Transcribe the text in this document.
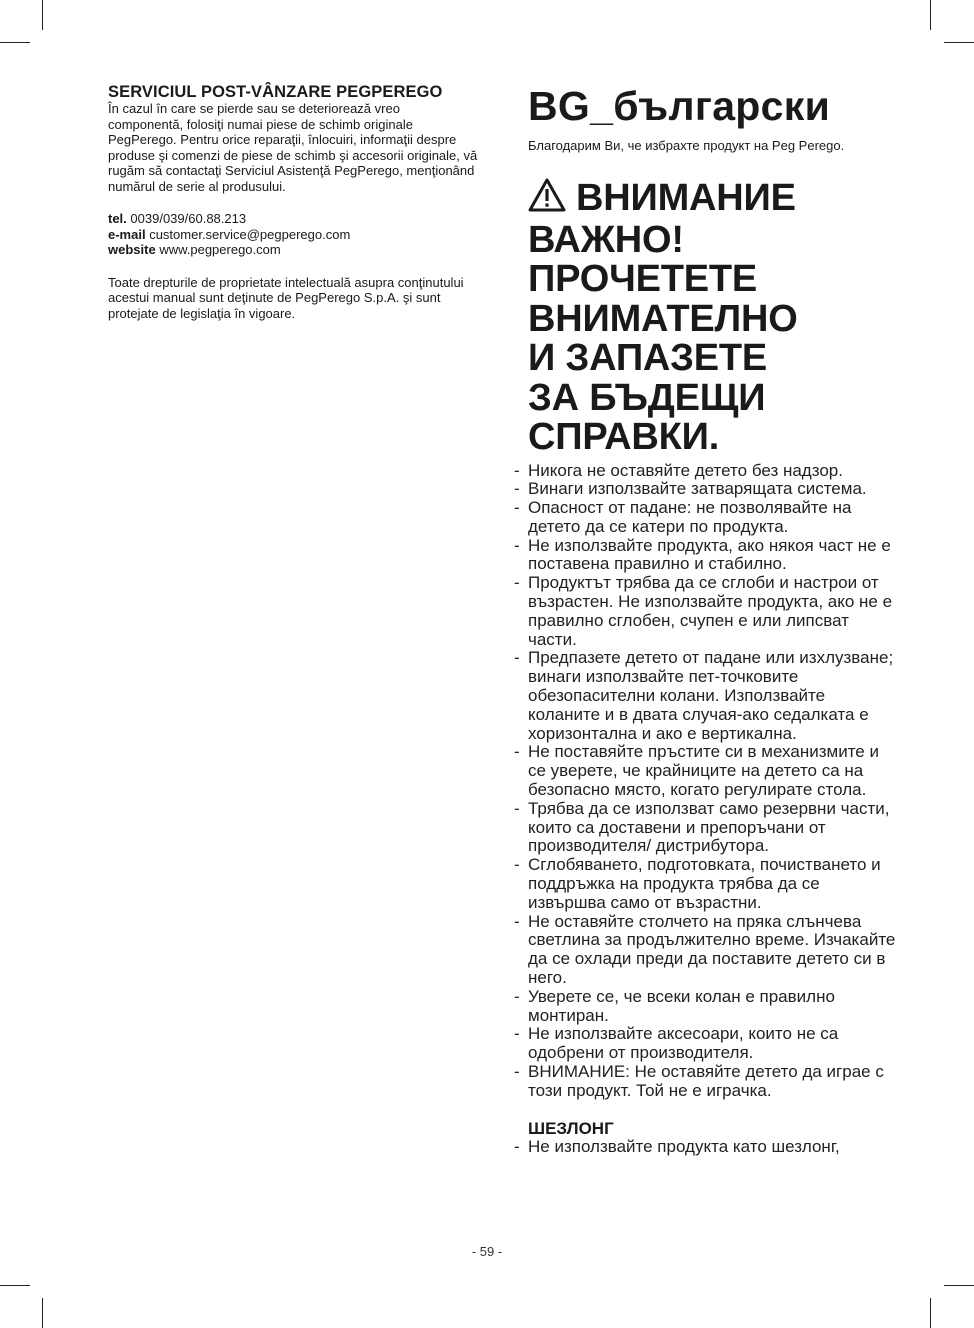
SERVICIUL POST-VÂNZARE PEGPEREGO

În cazul în care se pierde sau se deteriorează vreo componentă, folosiţi numai piese de schimb originale PegPerego. Pentru orice reparaţii, înlocuiri, informaţii despre produse şi comenzi de piese de schimb şi accesorii originale, vă rugăm să contactaţi Serviciul Asistenţă PegPerego, menţionând numărul de serie al produsului.

tel. 0039/039/60.88.213

e-mail customer.service@pegperego.com

website www.pegperego.com

Toate drepturile de proprietate intelectuală asupra conţinutului acestui manual sunt deţinute de PegPerego S.p.A. şi sunt protejate de legislaţia în vigoare.

BG_български
Благодарим Ви, че избрахте продукт на Peg Perego.
ВНИМАНИЕ
ВАЖНО!
ПРОЧЕТЕТЕ
ВНИМАТЕЛНО
И ЗАПАЗЕТЕ
ЗА БЪДЕЩИ
СПРАВКИ.
- Никога не оставяйте детето без надзор.
- Винаги използвайте затварящата система.
- Опасност от падане: не позволявайте на детето да се катери по продукта.
- Не използвайте продукта, ако някоя част не е поставена правилно и стабилно.
- Продуктът трябва да се сглоби и настрои от възрастен. Не използвайте продукта, ако не е правилно сглобен, счупен е или липсват части.
- Предпазете детето от падане или изхлузване; винаги използвайте пет-точковите обезопасителни колани. Използвайте коланите и в двата случая-ако седалката е хоризонтална и ако е вертикална.
- Не поставяйте пръстите си в механизмите и се уверете, че крайниците на детето са на безопасно място, когато регулирате стола.
- Трябва да се използват само резервни части, които са доставени и препоръчани от производителя/ дистрибутора.
- Сглобяването, подготовката, почистването и поддръжка на продукта трябва да се извършва само от възрастни.
- Не оставяйте столчето на пряка слънчева светлина за продължително време. Изчакайте да се охлади преди да поставите детето си в него.
- Уверете се, че всеки колан е правилно монтиран.
- Не използвайте аксесоари, които не са одобрени от производителя.
- ВНИМАНИЕ: Не оставяйте детето да играе с този продукт. Той не е играчка.
ШЕЗЛОНГ
- Не използвайте продукта като шезлонг,
- 59 -
